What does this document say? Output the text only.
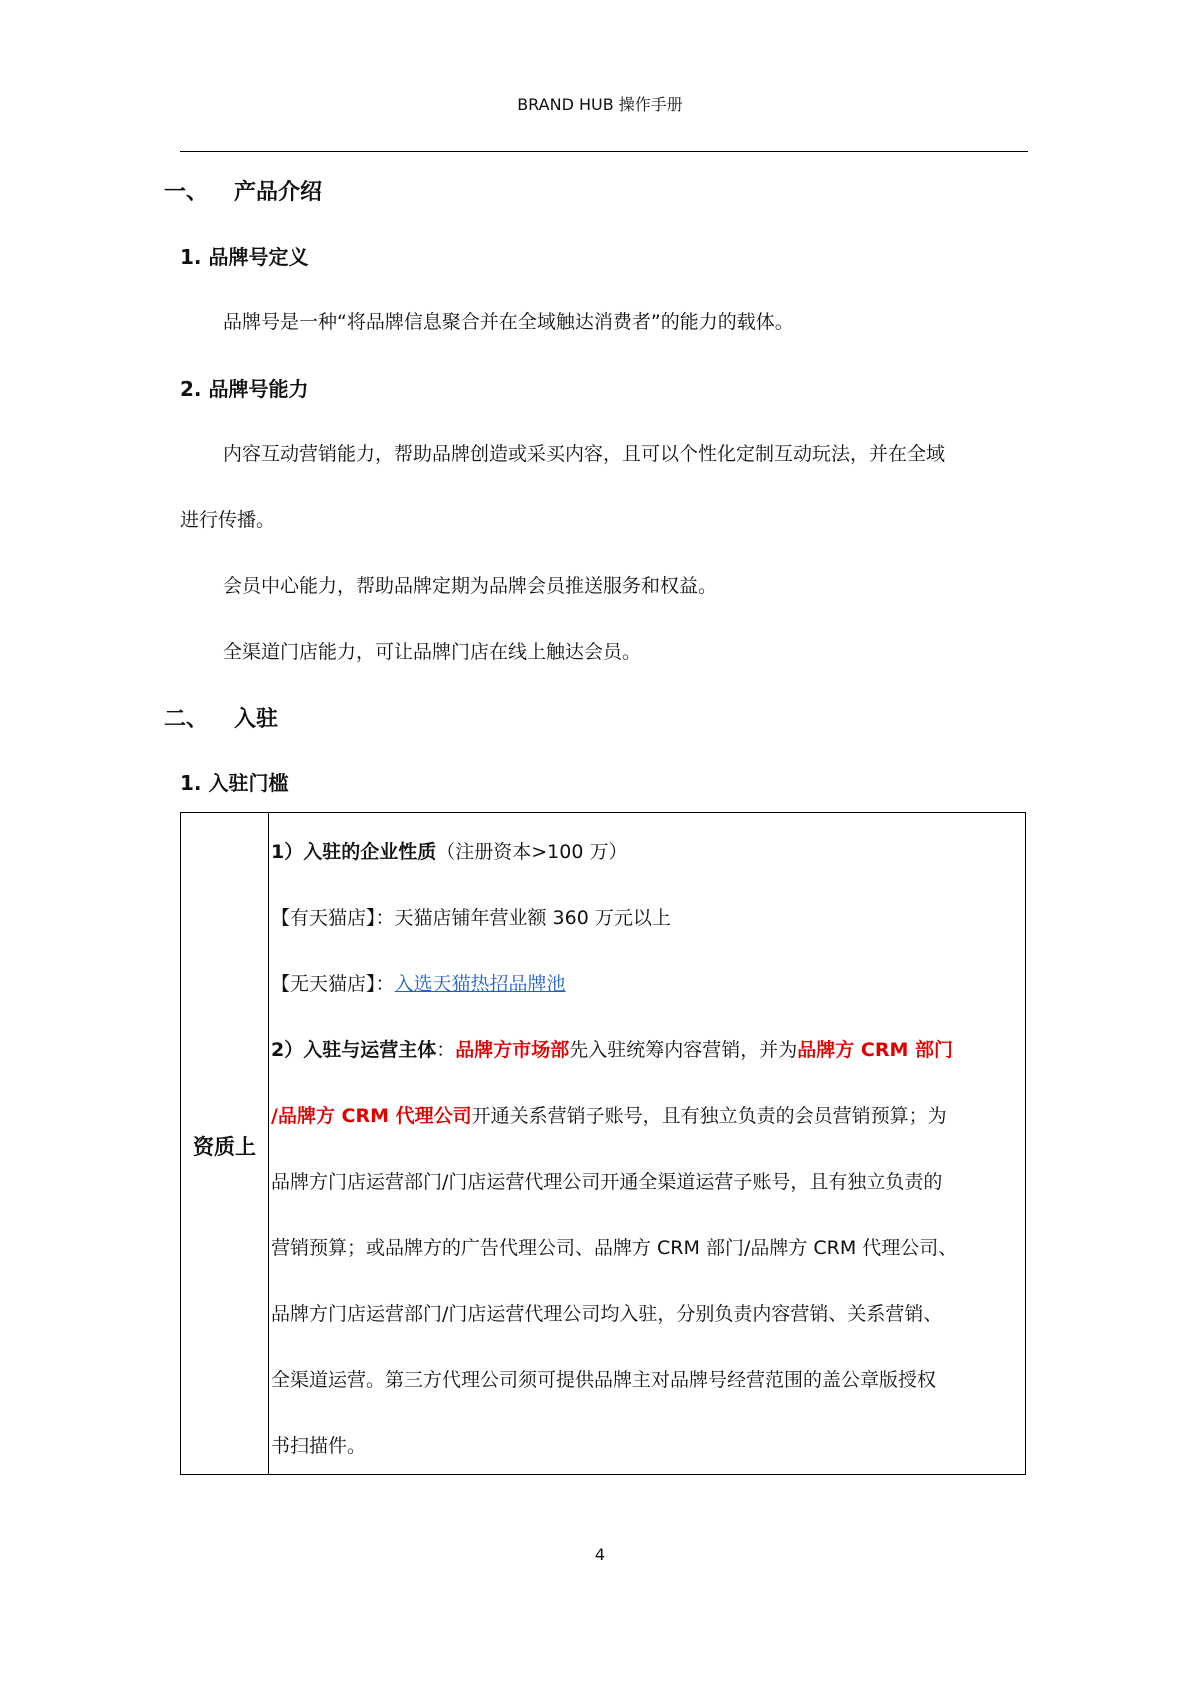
BRAND HUB 操作手册
一、 产品介绍
1. 品牌号定义
品牌号是一种“将品牌信息聚合并在全域触达消费者”的能力的载体。
2. 品牌号能力
内容互动营销能力，帮助品牌创造或采买内容，且可以个性化定制互动玩法，并在全域
进行传播。
会员中心能力，帮助品牌定期为品牌会员推送服务和权益。
全渠道门店能力，可让品牌门店在线上触达会员。
二、 入驻
1. 入驻门槛
资质上
1）入驻的企业性质（注册资本>100 万）
【有天猫店】：天猫店铺年营业额 360 万元以上
【无天猫店】：入选天猫热招品牌池
2）入驻与运营主体：品牌方市场部先入驻统筹内容营销，并为品牌方 CRM 部门
/品牌方 CRM 代理公司开通关系营销子账号，且有独立负责的会员营销预算；为
品牌方门店运营部门/门店运营代理公司开通全渠道运营子账号，且有独立负责的
营销预算；或品牌方的广告代理公司、品牌方 CRM 部门/品牌方 CRM 代理公司、
品牌方门店运营部门/门店运营代理公司均入驻，分别负责内容营销、关系营销、
全渠道运营。第三方代理公司须可提供品牌主对品牌号经营范围的盖公章版授权
书扫描件。
4
